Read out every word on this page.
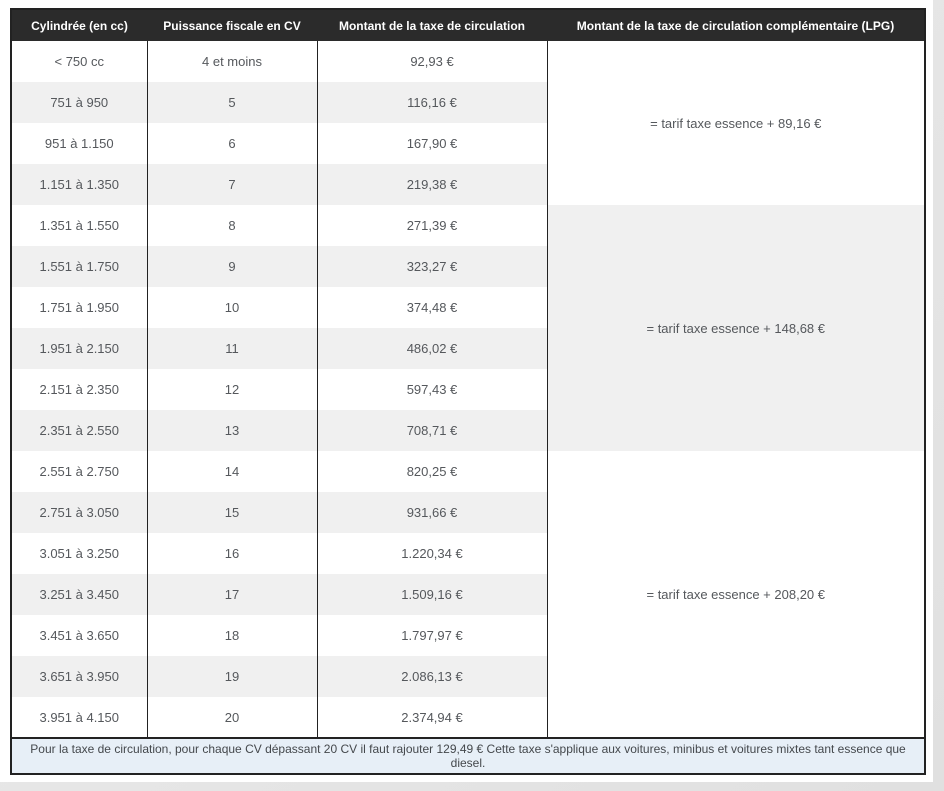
Cylindrée (en cc)	Puissance fiscale en CV	Montant de la taxe de circulation	Montant de la taxe de circulation complémentaire (LPG)
< 750 cc	4 et moins	92,93 €	= tarif taxe essence + 89,16 €
751 à 950	5	116,16 €	
951 à 1.150	6	167,90 €	
1.151 à 1.350	7	219,38 €	
1.351 à 1.550	8	271,39 €	= tarif taxe essence + 148,68 €
1.551 à 1.750	9	323,27 €	
1.751 à 1.950	10	374,48 €	
1.951 à 2.150	11	486,02 €	
2.151 à 2.350	12	597,43 €	
2.351 à 2.550	13	708,71 €	
2.551 à 2.750	14	820,25 €	= tarif taxe essence + 208,20 €
2.751 à 3.050	15	931,66 €	
3.051 à 3.250	16	1.220,34 €	
3.251 à 3.450	17	1.509,16 €	
3.451 à 3.650	18	1.797,97 €	
3.651 à 3.950	19	2.086,13 €	
3.951 à 4.150	20	2.374,94 €	
Pour la taxe de circulation, pour chaque CV dépassant 20 CV il faut rajouter 129,49 € Cette taxe s'applique aux voitures, minibus et voitures mixtes tant essence que diesel.			
